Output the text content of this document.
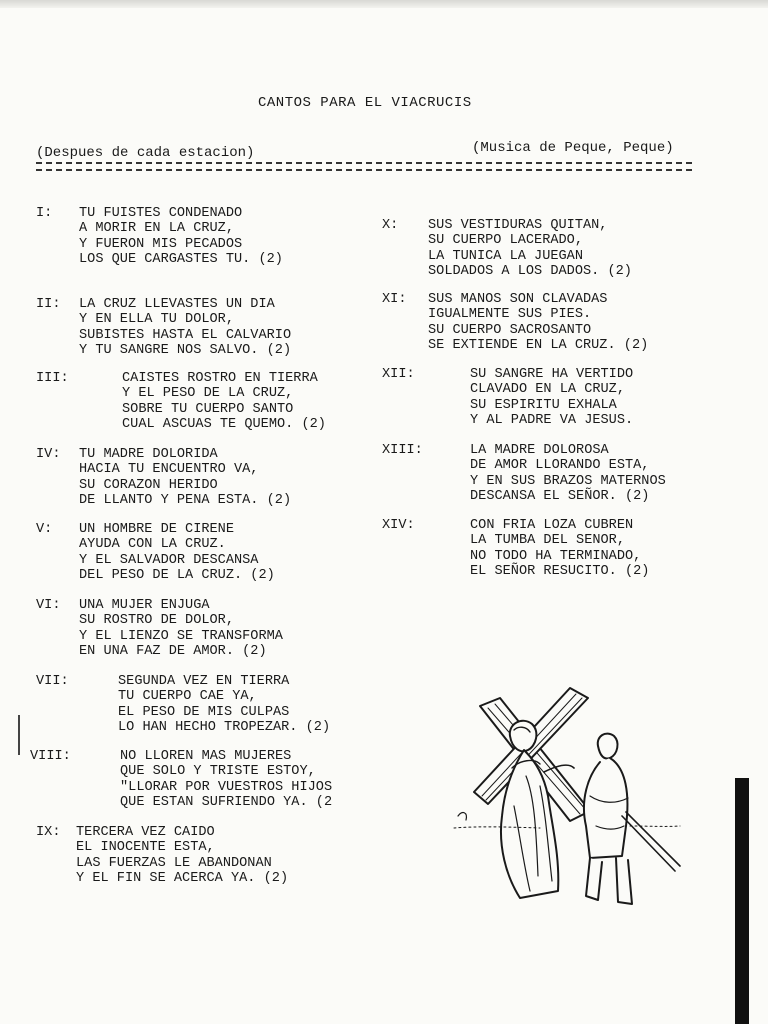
CANTOS PARA EL VIACRUCIS
(Despues de cada estacion)	(Musica de Peque, Peque)
I: TU FUISTES CONDENADO
A MORIR EN LA CRUZ,
Y FUERON MIS PECADOS
LOS QUE CARGASTES TU. (2)
II: LA CRUZ LLEVASTES UN DIA
Y EN ELLA TU DOLOR,
SUBISTES HASTA EL CALVARIO
Y TU SANGRE NOS SALVO. (2)
III:	CAISTES ROSTRO EN TIERRA
Y EL PESO DE LA CRUZ,
SOBRE TU CUERPO SANTO
CUAL ASCUAS TE QUEMO. (2)
IV: TU MADRE DOLORIDA
HACIA TU ENCUENTRO VA,
SU CORAZON HERIDO
DE LLANTO Y PENA ESTA. (2)
V: UN HOMBRE DE CIRENE
AYUDA CON LA CRUZ.
Y EL SALVADOR DESCANSA
DEL PESO DE LA CRUZ. (2)
VI: UNA MUJER ENJUGA
SU ROSTRO DE DOLOR,
Y EL LIENZO SE TRANSFORMA
EN UNA FAZ DE AMOR. (2)
VII:	SEGUNDA VEZ EN TIERRA
TU CUERPO CAE YA,
EL PESO DE MIS CULPAS
LO HAN HECHO TROPEZAR. (2)
VIII:	NO LLOREN MAS MUJERES
QUE SOLO Y TRISTE ESTOY,
"LLORAR POR VUESTROS HIJOS
QUE ESTAN SUFRIENDO YA. (2
IX: TERCERA VEZ CAIDO
EL INOCENTE ESTA,
LAS FUERZAS LE ABANDONAN
Y EL FIN SE ACERCA YA. (2)
X: SUS VESTIDURAS QUITAN,
SU CUERPO LACERADO,
LA TUNICA LA JUEGAN
SOLDADOS A LOS DADOS. (2)
XI: SUS MANOS SON CLAVADAS
IGUALMENTE SUS PIES.
SU CUERPO SACROSANTO
SE EXTIENDE EN LA CRUZ. (2)
XII:	SU SANGRE HA VERTIDO
CLAVADO EN LA CRUZ,
SU ESPIRITU EXHALA
Y AL PADRE VA JESUS.
XIII:	LA MADRE DOLOROSA
DE AMOR LLORANDO ESTA,
Y EN SUS BRAZOS MATERNOS
DESCANSA EL SEÑOR. (2)
XIV:	CON FRIA LOZA CUBREN
LA TUMBA DEL SENOR,
NO TODO HA TERMINADO,
EL SEÑOR RESUCITO. (2)
